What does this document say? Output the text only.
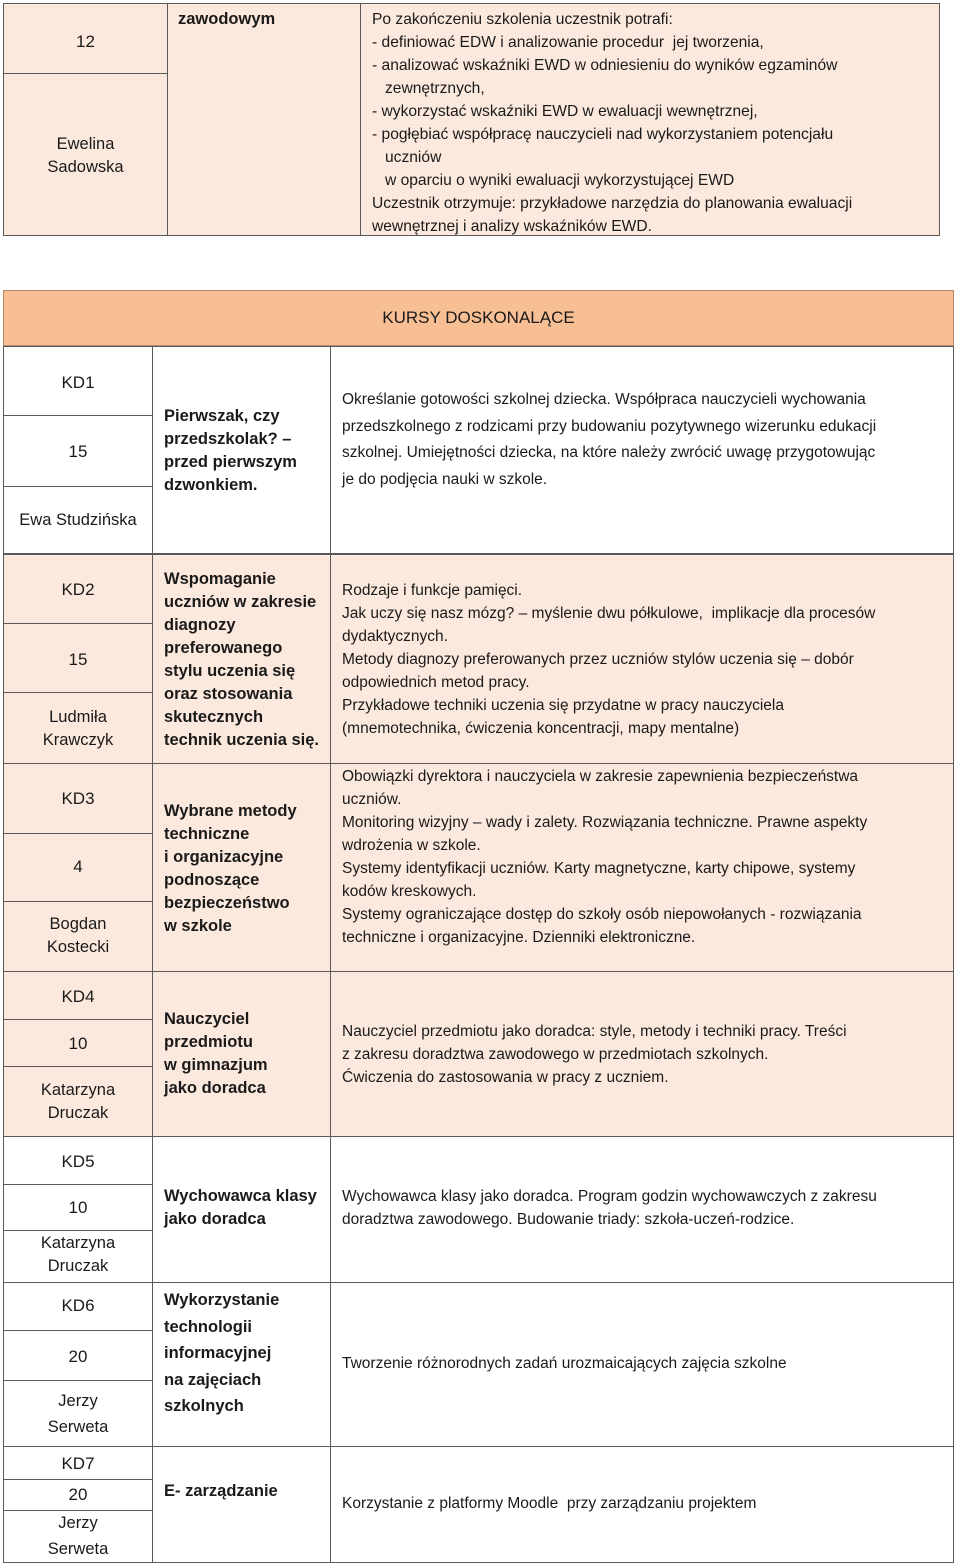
12
Ewelina
Sadowska
zawodowym	Po zakończeniu szkolenia uczestnik potrafi:
- definiować EDW i analizowanie procedur  jej tworzenia,
- analizować wskaźniki EWD w odniesieniu do wyników egzaminów
zewnętrznych,
- wykorzystać wskaźniki EWD w ewaluacji wewnętrznej,
- pogłębiać współpracę nauczycieli nad wykorzystaniem potencjału
uczniów
w oparciu o wyniki ewaluacji wykorzystującej EWD
Uczestnik otrzymuje: przykładowe narzędzia do planowania ewaluacji
wewnętrznej i analizy wskaźników EWD.
KURSY DOSKONALĄCE
KD1
15
Ewa Studzińska
Pierwszak, czy
przedszkolak? –
przed pierwszym
dzwonkiem.
Określanie gotowości szkolnej dziecka. Współpraca nauczycieli wychowania
przedszkolnego z rodzicami przy budowaniu pozytywnego wizerunku edukacji
szkolnej. Umiejętności dziecka, na które należy zwrócić uwagę przygotowując
je do podjęcia nauki w szkole.
KD2
15
Ludmiła
Krawczyk
Wspomaganie
uczniów w zakresie
diagnozy
preferowanego
stylu uczenia się
oraz stosowania
skutecznych
technik uczenia się.
Rodzaje i funkcje pamięci.
Jak uczy się nasz mózg? – myślenie dwu półkulowe,  implikacje dla procesów
dydaktycznych.
Metody diagnozy preferowanych przez uczniów stylów uczenia się – dobór
odpowiednich metod pracy.
Przykładowe techniki uczenia się przydatne w pracy nauczyciela
(mnemotechnika, ćwiczenia koncentracji, mapy mentalne)
KD3
4
Bogdan
Kostecki
Wybrane metody
techniczne
i organizacyjne
podnoszące
bezpieczeństwo
w szkole
Obowiązki dyrektora i nauczyciela w zakresie zapewnienia bezpieczeństwa
uczniów.
Monitoring wizyjny – wady i zalety. Rozwiązania techniczne. Prawne aspekty
wdrożenia w szkole.
Systemy identyfikacji uczniów. Karty magnetyczne, karty chipowe, systemy
kodów kreskowych.
Systemy ograniczające dostęp do szkoły osób niepowołanych - rozwiązania
techniczne i organizacyjne. Dzienniki elektroniczne.
KD4
10
Katarzyna
Druczak
Nauczyciel
przedmiotu
w gimnazjum
jako doradca
Nauczyciel przedmiotu jako doradca: style, metody i techniki pracy. Treści
z zakresu doradztwa zawodowego w przedmiotach szkolnych.
Ćwiczenia do zastosowania w pracy z uczniem.
KD5
10
Katarzyna
Druczak
Wychowawca klasy
jako doradca
Wychowawca klasy jako doradca. Program godzin wychowawczych z zakresu
doradztwa zawodowego. Budowanie triady: szkoła-uczeń-rodzice.
KD6
20
Jerzy
Serweta
Wykorzystanie
technologii
informacyjnej
na zajęciach
szkolnych
Tworzenie różnorodnych zadań urozmaicających zajęcia szkolne
KD7
20
Jerzy
Serweta
E- zarządzanie
Korzystanie z platformy Moodle  przy zarządzaniu projektem
